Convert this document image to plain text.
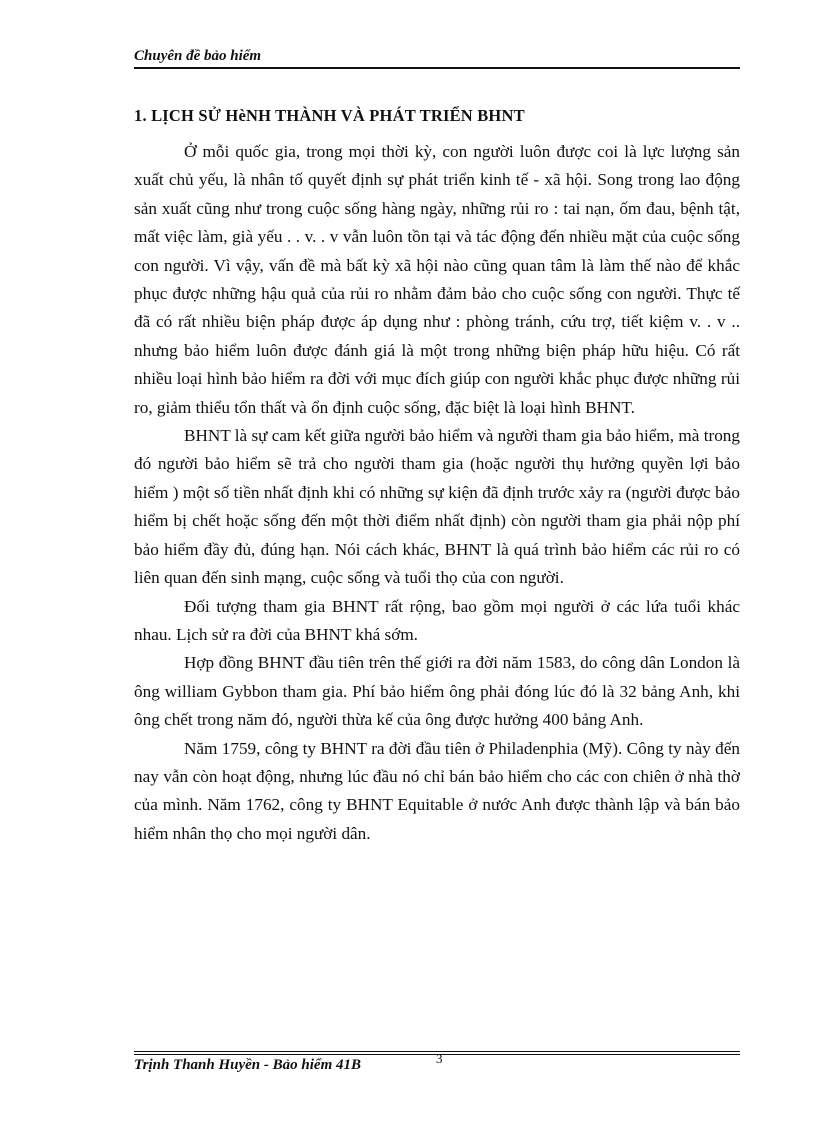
Chuyên đề bảo hiểm
1. LỊCH SỬ HèNH THÀNH VÀ PHÁT TRIỂN BHNT

Ở mỗi quốc gia, trong mọi thời kỳ, con người luôn được coi là lực lượng sản xuất chủ yếu, là nhân tố quyết định sự phát triển kinh tế - xã hội. Song trong lao động sản xuất cũng như trong cuộc sống hàng ngày, những rủi ro : tai nạn, ốm đau, bệnh tật, mất việc làm, già yếu . . v. . v vẫn luôn tồn tại và tác động đến nhiều mặt của cuộc sống con người. Vì vậy, vấn đề mà bất kỳ xã hội nào cũng quan tâm là làm thế nào để khắc phục được những hậu quả của rủi ro nhằm đảm bảo cho cuộc sống con người. Thực tế đã có rất nhiều biện pháp được áp dụng như : phòng tránh, cứu trợ, tiết kiệm v. . v .. nhưng bảo hiểm luôn được đánh giá là một trong những biện pháp hữu hiệu. Có rất nhiều loại hình bảo hiểm ra đời với mục đích giúp con người khắc phục được những rủi ro, giảm thiểu tổn thất và ổn định cuộc sống, đặc biệt là loại hình BHNT.

BHNT là sự cam kết giữa người bảo hiểm và người tham gia bảo hiểm, mà trong đó người bảo hiểm sẽ trả cho người tham gia (hoặc người thụ hưởng quyền lợi bảo hiểm ) một số tiền nhất định khi có những sự kiện đã định trước xảy ra (người được bảo hiểm bị chết hoặc sống đến một thời điểm nhất định) còn người tham gia phải nộp phí bảo hiểm đầy đủ, đúng hạn. Nói cách khác, BHNT là quá trình bảo hiểm các rủi ro có liên quan đến sinh mạng, cuộc sống và tuổi thọ của con người.

Đối tượng tham gia BHNT rất rộng, bao gồm mọi người ở các lứa tuổi khác nhau. Lịch sử ra đời của BHNT khá sớm.

Hợp đồng BHNT đầu tiên trên thế giới ra đời năm 1583, do công dân London là ông william Gybbon tham gia. Phí bảo hiểm ông phải đóng lúc đó là 32 bảng Anh, khi ông chết trong năm đó, người thừa kế của ông được hưởng 400 bảng Anh.

Năm 1759, công ty BHNT ra đời đầu tiên ở Philadenphia (Mỹ). Công ty này đến nay vẫn còn hoạt động, nhưng lúc đầu nó chỉ bán bảo hiểm cho các con chiên ở nhà thờ của mình. Năm 1762, công ty BHNT Equitable ở nước Anh được thành lập và bán bảo hiểm nhân thọ cho mọi người dân.

Trịnh Thanh Huyền - Bảo hiểm 41B	3
